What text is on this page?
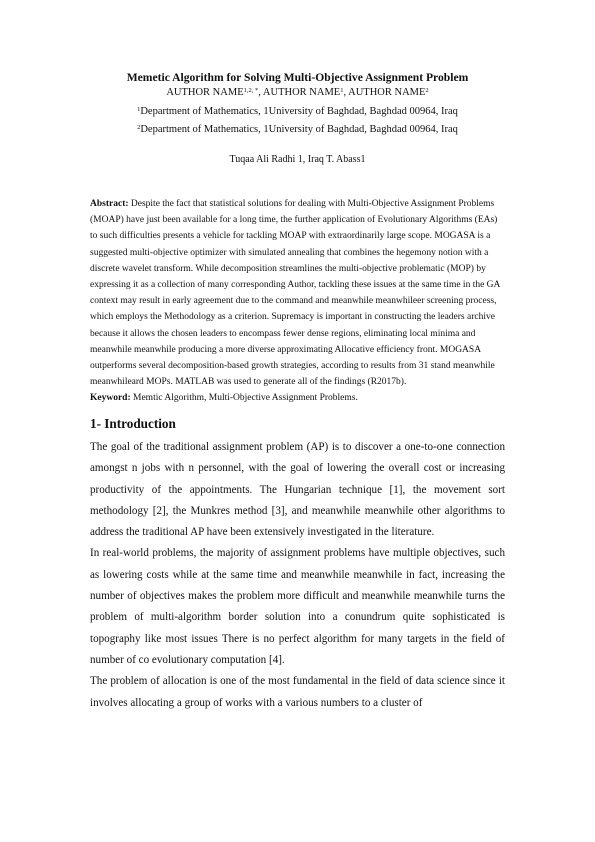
Memetic Algorithm for Solving Multi-Objective Assignment Problem
AUTHOR $NAME^{1,2, *}$, AUTHOR NAME$^1$, AUTHOR NAME$^2$
$^1$Department of Mathematics, 1University of Baghdad, Baghdad 00964, Iraq
$^2$Department of Mathematics, 1University of Baghdad, Baghdad 00964, Iraq
Tuqaa Ali Radhi 1, Iraq T. Abass1
Abstract: Despite the fact that statistical solutions for dealing with Multi-Objective Assignment Problems (MOAP) have just been available for a long time, the further application of Evolutionary Algorithms (EAs) to such difficulties presents a vehicle for tackling MOAP with extraordinarily large scope. MOGASA is a suggested multi-objective optimizer with simulated annealing that combines the hegemony notion with a discrete wavelet transform. While decomposition streamlines the multi-objective problematic (MOP) by expressing it as a collection of many corresponding Author, tackling these issues at the same time in the GA context may result in early agreement due to the command and meanwhile meanwhileer screening process, which employs the Methodology as a criterion. Supremacy is important in constructing the leaders archive because it allows the chosen leaders to encompass fewer dense regions, eliminating local minima and meanwhile meanwhile producing a more diverse approximating Allocative efficiency front. MOGASA outperforms several decomposition-based growth strategies, according to results from 31 stand meanwhile meanwhileard MOPs. MATLAB was used to generate all of the findings (R2017b).
Keyword: Memtic Algorithm, Multi-Objective Assignment Problems.
1- Introduction

The goal of the traditional assignment problem (AP) is to discover a one-to-one connection amongst n jobs with n personnel, with the goal of lowering the overall cost or increasing productivity of the appointments. The Hungarian technique [1], the movement sort methodology [2], the Munkres method [3], and meanwhile meanwhile other algorithms to address the traditional AP have been extensively investigated in the literature.

In real-world problems, the majority of assignment problems have multiple objectives, such as lowering costs while at the same time and meanwhile meanwhile in fact, increasing the number of objectives makes the problem more difficult and meanwhile meanwhile turns the problem of multi-algorithm border solution into a conundrum quite sophisticated is topography like most issues There is no perfect algorithm for many targets in the field of number of co evolutionary computation [4].

The problem of allocation is one of the most fundamental in the field of data science since it involves allocating a group of works with a various numbers to a cluster of
